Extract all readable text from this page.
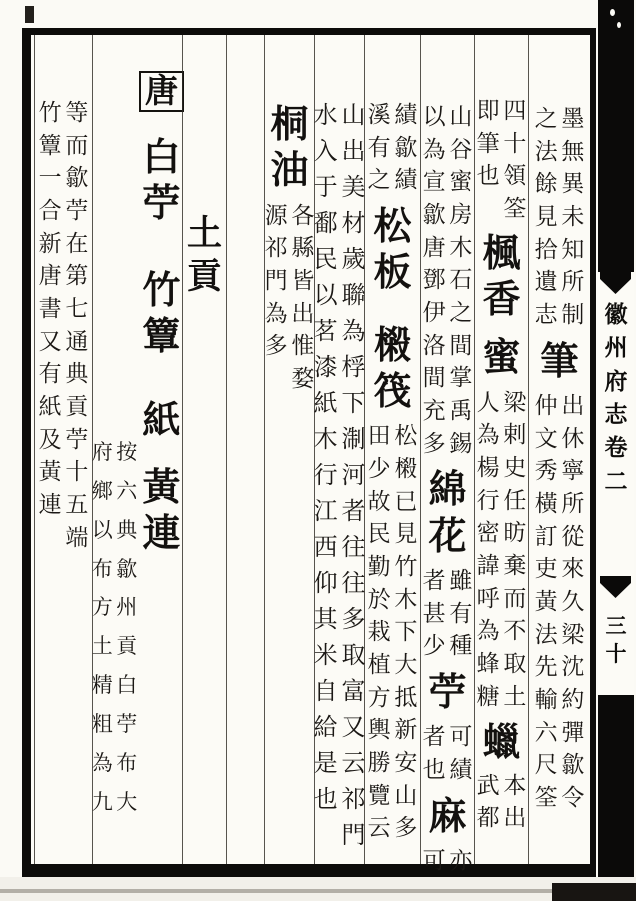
墨無異未知所制
之法餘見拾遺志
筆
出休寧所從來久梁沈約彈歙令
仲文秀橫訂吏黃法先輸六尺筌
四十領筌
即筆也
楓香
蜜
梁剌史任昉棄而不取土
人為楊行密諱呼為蜂糖
蠟
本出
武都
山谷蜜房木石之間掌禹錫
以為宣歙唐鄧伊洛間充多
綿花
雖有種
者甚少
苧
可績
者也
麻
亦
可
績歙績
溪有之
松板
樧筏
松樧已見竹木下大抵新安山多
田少故民勤於栽植方輿勝覽云
山出美材歲聯為桴下淛河者往往多取富又云祁門
水入于鄱民以茗漆紙木行江西仰其米自給是也
桐油
各縣皆出惟婺
源祁門為多
土貢
按六典歙州貢白苧布大
府鄉以布方土精粗為九
唐
白苧
竹簟
紙
黃連
等而歙苧在第七通典貢苧十五端
竹簟一合新唐書又有紙及黃連
徽州府志卷二
三十
